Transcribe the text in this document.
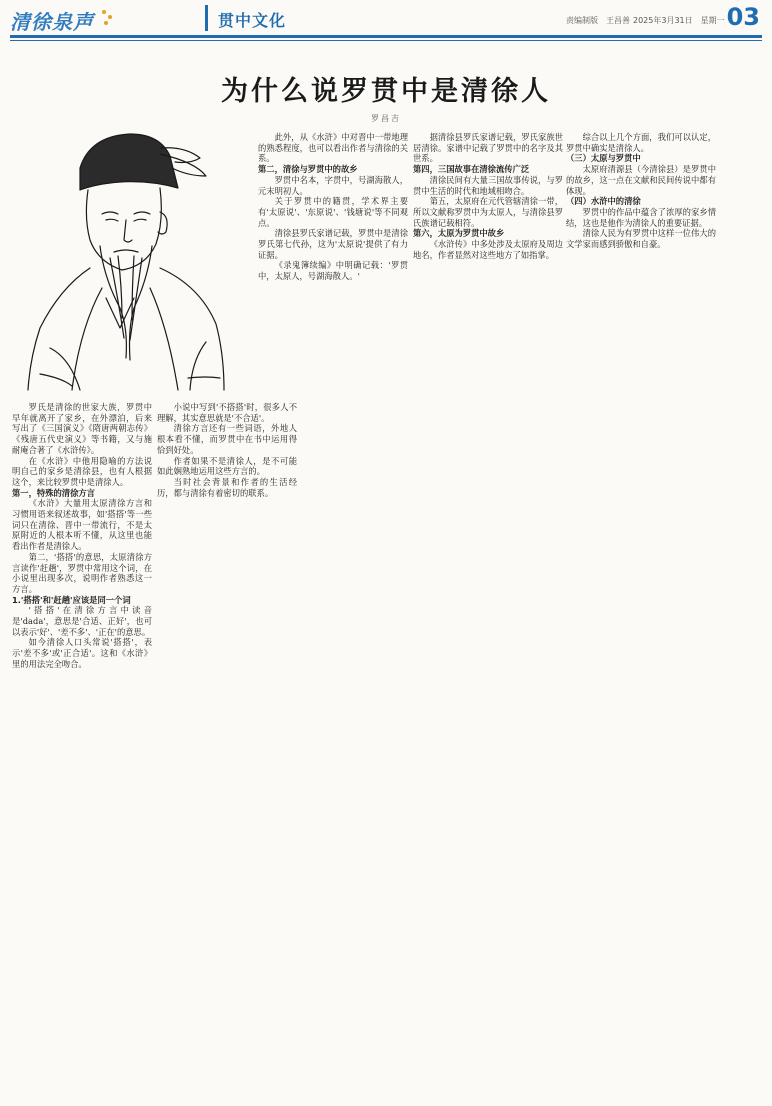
清徐泉声	贯中文化	责编制版　王昌善 2025年3月31日　星期一 03
为什么说罗贯中是清徐人
罗昌吉

罗氏是清徐的世家大族，罗贯中早年就离开了家乡，在外漂泊，后来写出了《三国演义》《隋唐两朝志传》《残唐五代史演义》等书籍，又与施耐庵合著了《水浒传》。

在《水浒》中他用隐喻的方法说明自己的家乡是清徐县，也有人根据这个，来比较罗贯中是清徐人。

第一，特殊的清徐方言

《水浒》大量用太原清徐方言和习惯用语来叙述故事，如'搭搭'等一些词只在清徐、晋中一带流行，不是太原附近的人根本听不懂，从这里也能看出作者是清徐人。

第二，'搭搭'的意思，太原清徐方言读作'赶趟'，罗贯中常用这个词，在小说里出现多次，说明作者熟悉这一方言。

1.'搭搭'和'赶趟'应该是同一个词

'搭搭'在清徐方言中读音是'dada'，意思是'合适、正好'，也可以表示'好'、'差不多'、'正在'的意思。

如今清徐人口头常说'搭搭'，表示'差不多'或'正合适'。这和《水浒》里的用法完全吻合。

小说中写到'不搭搭'时，很多人不理解，其实意思就是'不合适'。

清徐方言还有一些词语，外地人根本看不懂，而罗贯中在书中运用得恰到好处。

作者如果不是清徐人，是不可能如此娴熟地运用这些方言的。

当时社会背景和作者的生活经历，都与清徐有着密切的联系。

此外，从《水浒》中对晋中一带地理的熟悉程度，也可以看出作者与清徐的关系。

第二，清徐与罗贯中的故乡

罗贯中名本，字贯中，号湖海散人，元末明初人。

关于罗贯中的籍贯，学术界主要有'太原说'、'东原说'、'钱塘说'等不同观点。

清徐县罗氏家谱记载，罗贯中是清徐罗氏第七代孙，这为'太原说'提供了有力证据。

《录鬼簿续编》中明确记载：'罗贯中，太原人，号湖海散人。'

据清徐县罗氏家谱记载，罗氏家族世居清徐。家谱中记载了罗贯中的名字及其世系。

第四，三国故事在清徐流传广泛

清徐民间有大量三国故事传说，与罗贯中生活的时代和地域相吻合。

第五，太原府在元代管辖清徐一带，所以文献称罗贯中为太原人，与清徐县罗氏族谱记载相符。

第六，太原为罗贯中故乡

《水浒传》中多处涉及太原府及周边地名，作者显然对这些地方了如指掌。

综合以上几个方面，我们可以认定，罗贯中确实是清徐人。

（三）太原与罗贯中

太原府清源县（今清徐县）是罗贯中的故乡，这一点在文献和民间传说中都有体现。

（四）水浒中的清徐

罗贯中的作品中蕴含了浓厚的家乡情结，这也是他作为清徐人的重要证据。

清徐人民为有罗贯中这样一位伟大的文学家而感到骄傲和自豪。
